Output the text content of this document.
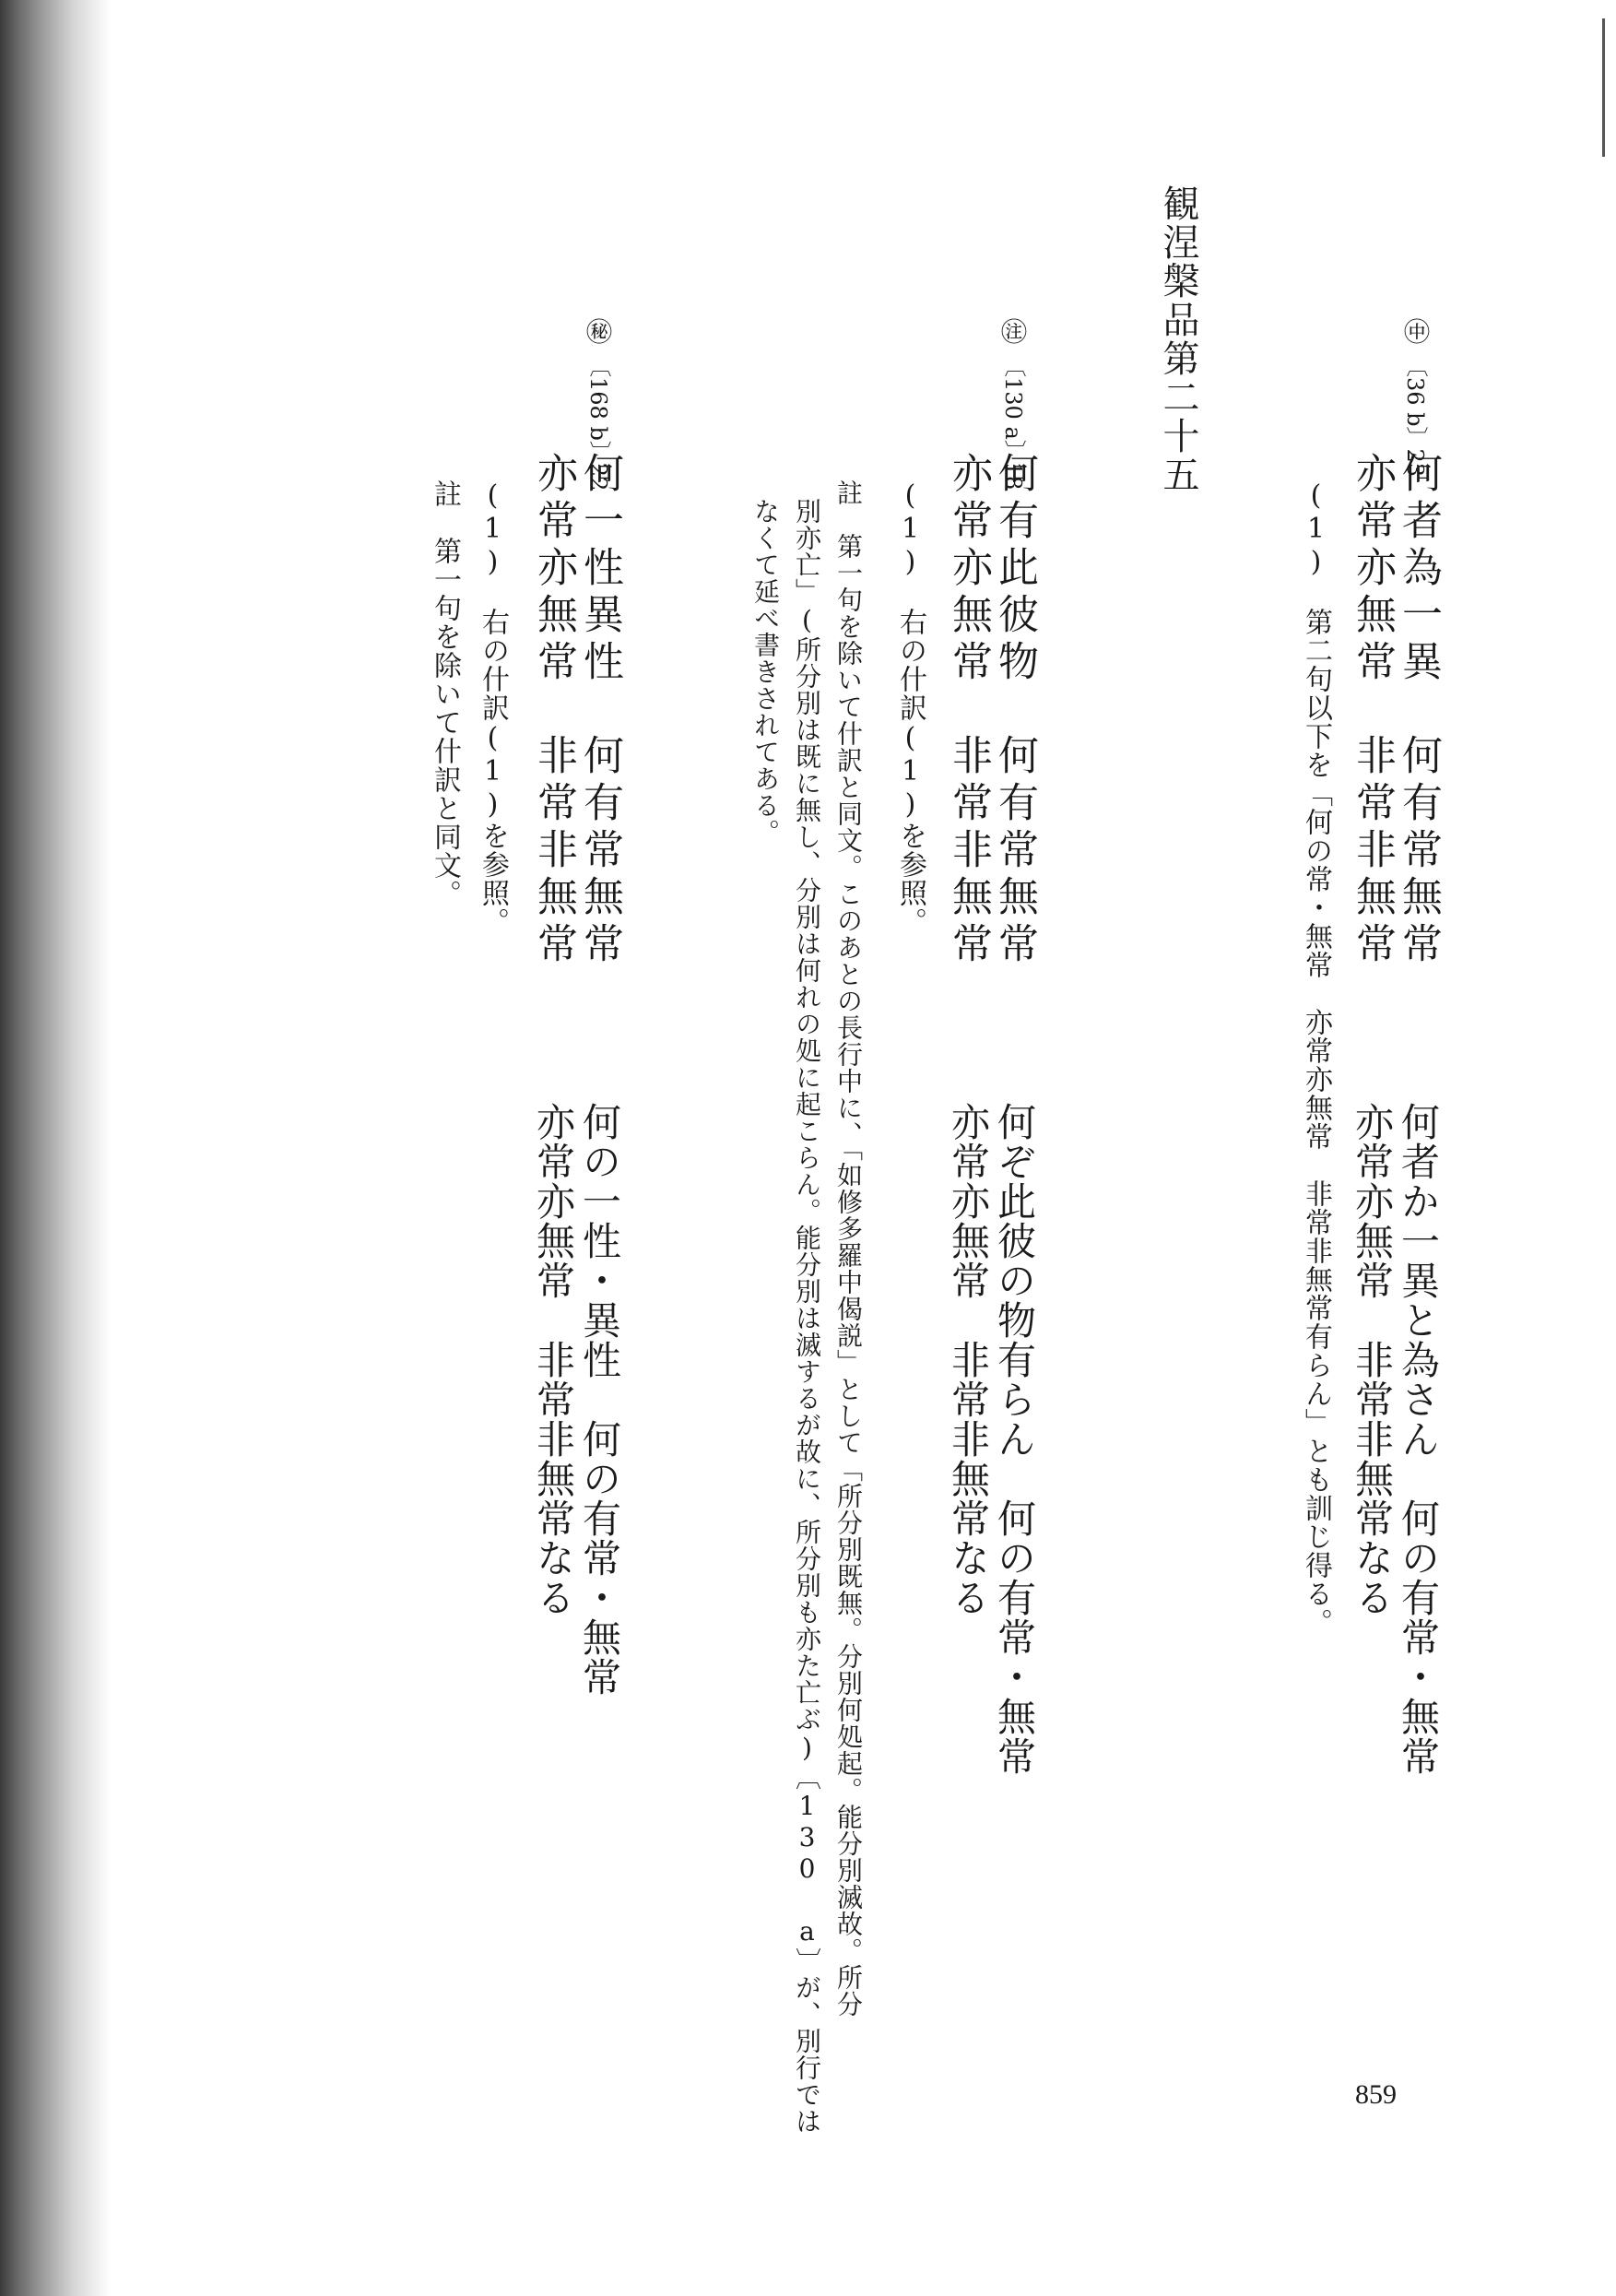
観涅槃品第二十五	㊥
〔36 b〕23
何者為一異　何有常無常
亦常亦無常　非常非無常
何者か一異と為さん　何の有常・無常
亦常亦無常　非常非無常なる
(1)　第二句以下を「何の常・無常　亦常亦無常　非常非無常有らん」とも訓じ得る。
㊟
〔130 a〕18
何有此彼物　何有常無常
亦常亦無常　非常非無常
何ぞ此彼の物有らん　何の有常・無常
亦常亦無常　非常非無常なる
(1)　右の什訳(1)を参照。
註　第一句を除いて什訳と同文。このあとの長行中に、「如修多羅中偈説」として「所分別既無。分別何処起。能分別滅故。所分
別亦亡」(所分別は既に無し、分別は何れの処に起こらん。能分別は滅するが故に、所分別も亦た亡ぶ)〔130 a〕が、別行では
なくて延べ書きされてある。
㊙
〔168 b〕22
何一性異性　何有常無常
亦常亦無常　非常非無常
何の一性・異性　何の有常・無常
亦常亦無常　非常非無常なる
(1)　右の什訳(1)を参照。
註　第一句を除いて什訳と同文。
859
